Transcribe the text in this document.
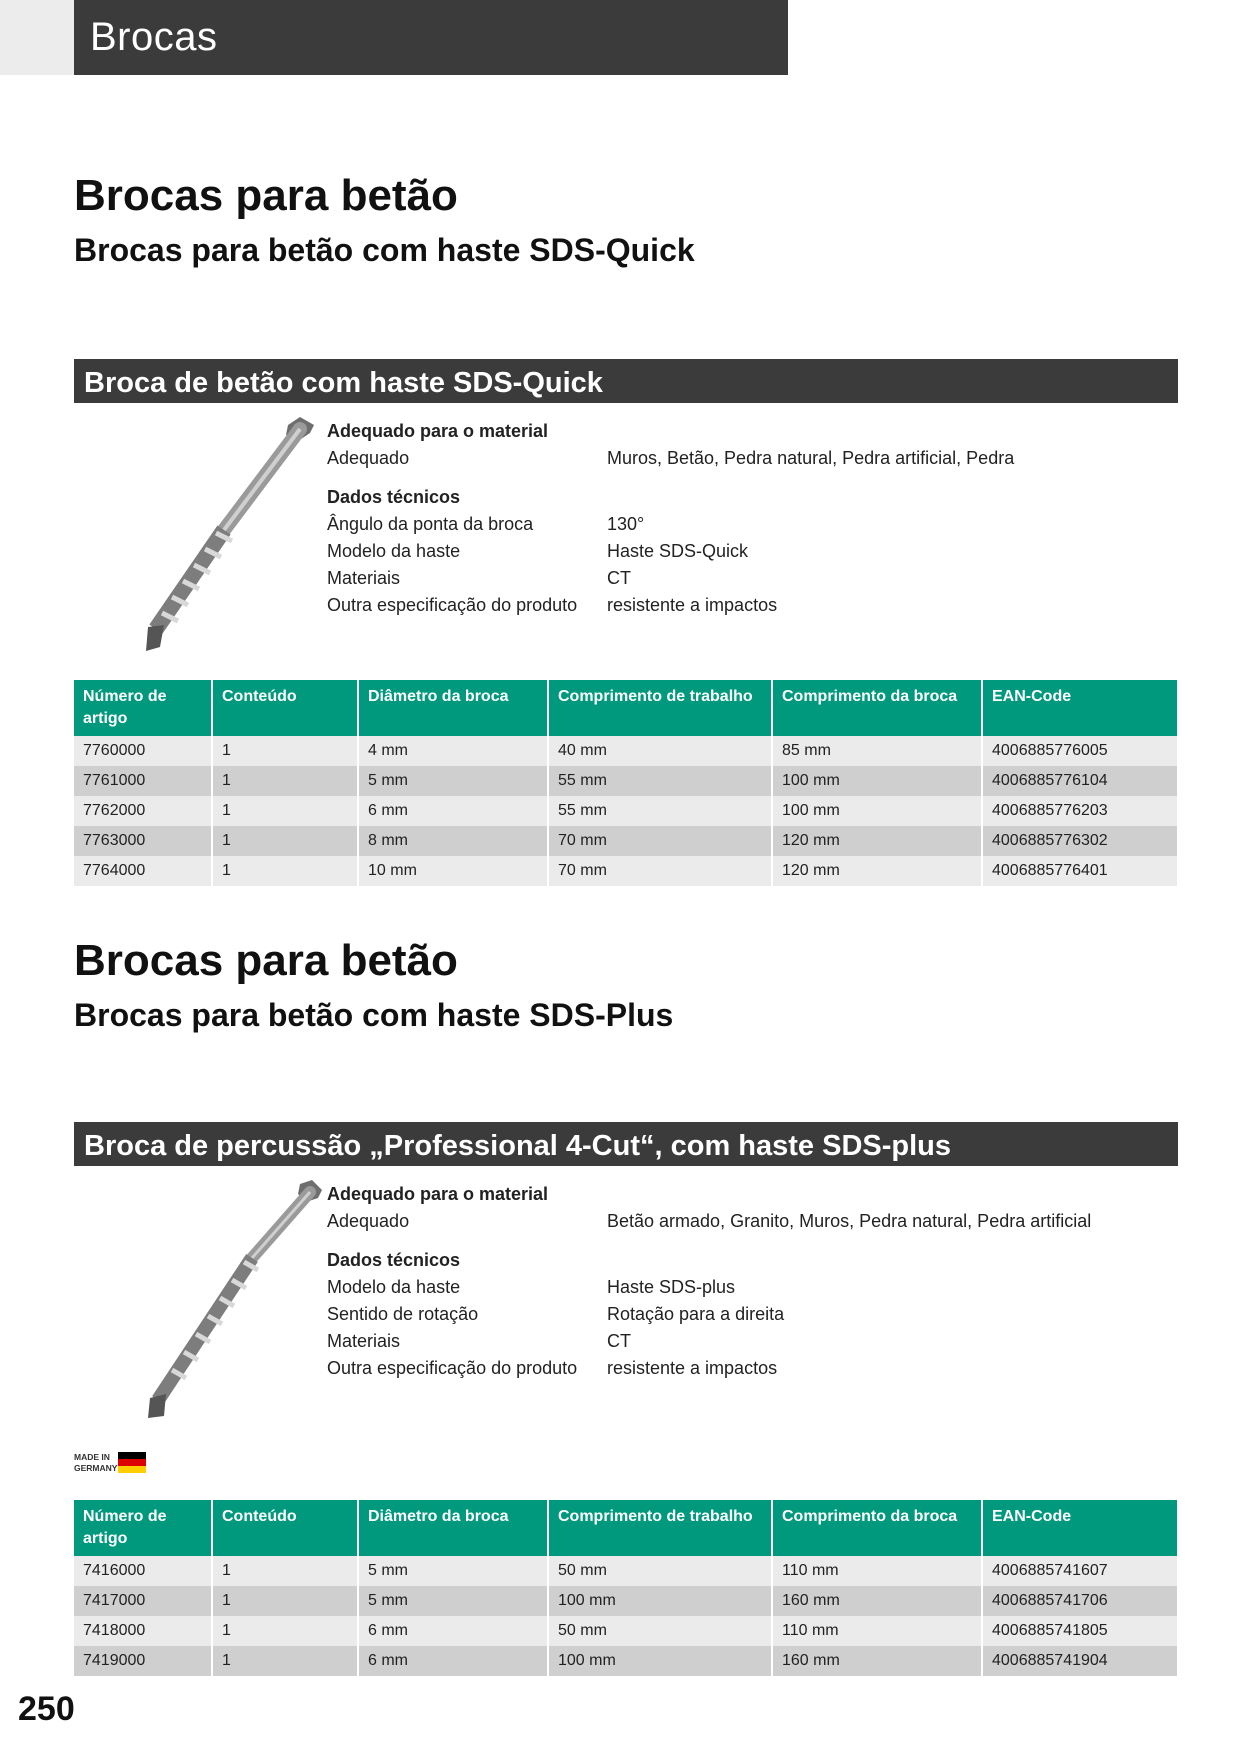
Brocas
Brocas para betão
Brocas para betão com haste SDS-Quick
Broca de betão com haste SDS-Quick
Adequado para o material
Adequado	Muros, Betão, Pedra natural, Pedra artificial, Pedra
Dados técnicos
Ângulo da ponta da broca	130°
Modelo da haste	Haste SDS-Quick
Materiais	CT
Outra especificação do produto	resistente a impactos
Número de artigo	Conteúdo	Diâmetro da broca	Comprimento de trabalho	Comprimento da broca	EAN-Code
7760000	1	4 mm	40 mm	85 mm	4006885776005
7761000	1	5 mm	55 mm	100 mm	4006885776104
7762000	1	6 mm	55 mm	100 mm	4006885776203
7763000	1	8 mm	70 mm	120 mm	4006885776302
7764000	1	10 mm	70 mm	120 mm	4006885776401
Brocas para betão
Brocas para betão com haste SDS-Plus
Broca de percussão „Professional 4-Cut“, com haste SDS-plus
Adequado para o material
Adequado	Betão armado, Granito, Muros, Pedra natural, Pedra artificial
Dados técnicos
Modelo da haste	Haste SDS-plus
Sentido de rotação	Rotação para a direita
Materiais	CT
Outra especificação do produto	resistente a impactos
MADE IN
GERMANY
Número de artigo	Conteúdo	Diâmetro da broca	Comprimento de trabalho	Comprimento da broca	EAN-Code
7416000	1	5 mm	50 mm	110 mm	4006885741607
7417000	1	5 mm	100 mm	160 mm	4006885741706
7418000	1	6 mm	50 mm	110 mm	4006885741805
7419000	1	6 mm	100 mm	160 mm	4006885741904
250
